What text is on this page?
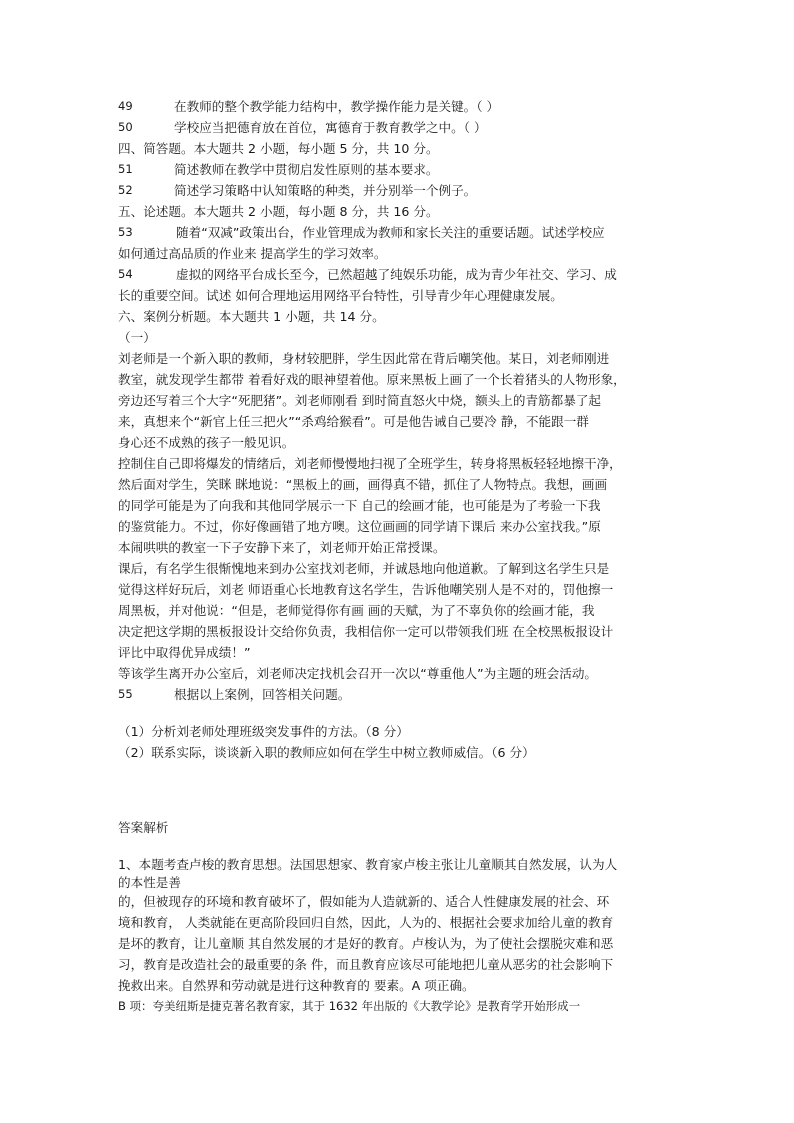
49	在教师的整个教学能力结构中，教学操作能力是关键。（ ）
50	学校应当把德育放在首位，寓德育于教育教学之中。（ ）
四、简答题。本大题共 2 小题，每小题 5 分，共 10 分。
51	简述教师在教学中贯彻启发性原则的基本要求。
52	简述学习策略中认知策略的种类，并分别举一个例子。
五、论述题。本大题共 2 小题，每小题 8 分，共 16 分。
53	随着“双减”政策出台，作业管理成为教师和家长关注的重要话题。试述学校应
如何通过高品质的作业来 提高学生的学习效率。
54	虚拟的网络平台成长至今，已然超越了纯娱乐功能，成为青少年社交、学习、成
长的重要空间。试述 如何合理地运用网络平台特性，引导青少年心理健康发展。
六、案例分析题。本大题共 1 小题，共 14 分。
（一）
刘老师是一个新入职的教师，身材较肥胖，学生因此常在背后嘲笑他。某日，刘老师刚进
教室，就发现学生都带 着看好戏的眼神望着他。原来黑板上画了一个长着猪头的人物形象，
旁边还写着三个大字“死肥猪”。刘老师刚看 到时简直怒火中烧，额头上的青筋都暴了起
来，真想来个“新官上任三把火”“杀鸡给猴看”。可是他告诫自己要冷 静，不能跟一群
身心还不成熟的孩子一般见识。
控制住自己即将爆发的情绪后，刘老师慢慢地扫视了全班学生，转身将黑板轻轻地擦干净，
然后面对学生，笑眯 眯地说：“黑板上的画，画得真不错，抓住了人物特点。我想，画画
的同学可能是为了向我和其他同学展示一下 自己的绘画才能，也可能是为了考验一下我
的鉴赏能力。不过，你好像画错了地方噢。这位画画的同学请下课后 来办公室找我。”原
本闹哄哄的教室一下子安静下来了，刘老师开始正常授课。
课后，有名学生很惭愧地来到办公室找刘老师，并诚恳地向他道歉。了解到这名学生只是
觉得这样好玩后，刘老 师语重心长地教育这名学生，告诉他嘲笑别人是不对的，罚他擦一
周黑板，并对他说：“但是，老师觉得你有画 画的天赋，为了不辜负你的绘画才能，我
决定把这学期的黑板报设计交给你负责，我相信你一定可以带领我们班 在全校黑板报设计
评比中取得优异成绩！”
等该学生离开办公室后，刘老师决定找机会召开一次以“尊重他人”为主题的班会活动。
55	根据以上案例，回答相关问题。
（1）分析刘老师处理班级突发事件的方法。（8 分）
（2）联系实际，谈谈新入职的教师应如何在学生中树立教师威信。（6 分）
答案解析
1、本题考查卢梭的教育思想。法国思想家、教育家卢梭主张让儿童顺其自然发展，认为人
的本性是善
的，但被现存的环境和教育破坏了，假如能为人造就新的、适合人性健康发展的社会、环
境和教育， 人类就能在更高阶段回归自然，因此，人为的、根据社会要求加给儿童的教育
是坏的教育，让儿童顺 其自然发展的才是好的教育。卢梭认为，为了使社会摆脱灾难和恶
习，教育是改造社会的最重要的条 件，而且教育应该尽可能地把儿童从恶劣的社会影响下
挽救出来。自然界和劳动就是进行这种教育的 要素。A 项正确。
B 项：夸美纽斯是捷克著名教育家，其于 1632 年出版的《大教学论》是教育学开始形成一
